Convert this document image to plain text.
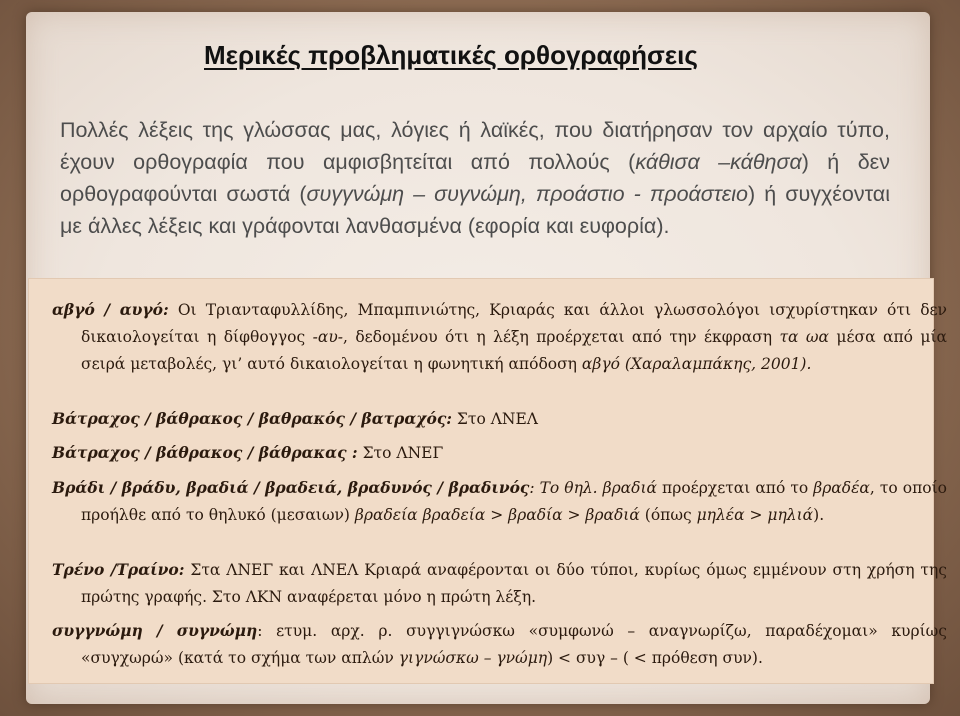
Μερικές προβληματικές ορθογραφήσεις
Πολλές λέξεις της γλώσσας μας, λόγιες ή λαϊκές, που διατήρησαν τον αρχαίο τύπο, έχουν ορθογραφία που αμφισβητείται από πολλούς (κάθισα –κάθησα) ή δεν ορθογραφούνται σωστά (συγγνώμη – συγνώμη, προάστιο - προάστειο) ή συγχέονται με άλλες λέξεις και γράφονται λανθασμένα (εφορία και ευφορία).
αβγό / αυγό: Οι Τριανταφυλλίδης, Μπαμπινιώτης, Κριαράς και άλλοι γλωσσολόγοι ισχυρίστηκαν ότι δεν δικαιολογείται η δίφθογγος -αυ-, δεδομένου ότι η λέξη προέρχεται από την έκφραση τα ωα μέσα από μία σειρά μεταβολές, γι’ αυτό δικαιολογείται η φωνητική απόδοση αβγό (Χαραλαμπάκης, 2001).
Βάτραχος / βάθρακος / βαθρακός / βατραχός: Στο ΛΝΕΛ
Βάτραχος / βάθρακος / βάθρακας : Στο ΛΝΕΓ
Βράδι / βράδυ, βραδιά / βραδειά, βραδυνός / βραδινός: Το θηλ. βραδιά προέρχεται από το βραδέα, το οποίο προήλθε από το θηλυκό (μεσαιων) βραδεία βραδεία > βραδία > βραδιά (όπως μηλέα > μηλιά).
Τρένο /Τραίνο: Στα ΛΝΕΓ και ΛΝΕΛ Κριαρά αναφέρονται οι δύο τύποι, κυρίως όμως εμμένουν στη χρήση της πρώτης γραφής. Στο ΛΚΝ αναφέρεται μόνο η πρώτη λέξη.
συγγνώμη / συγνώμη: ετυμ. αρχ. ρ. συγγιγνώσκω «συμφωνώ – αναγνωρίζω, παραδέχομαι» κυρίως «συγχωρώ» (κατά το σχήμα των απλών γιγνώσκω – γνώμη) < συγ – ( < πρόθεση συν).
